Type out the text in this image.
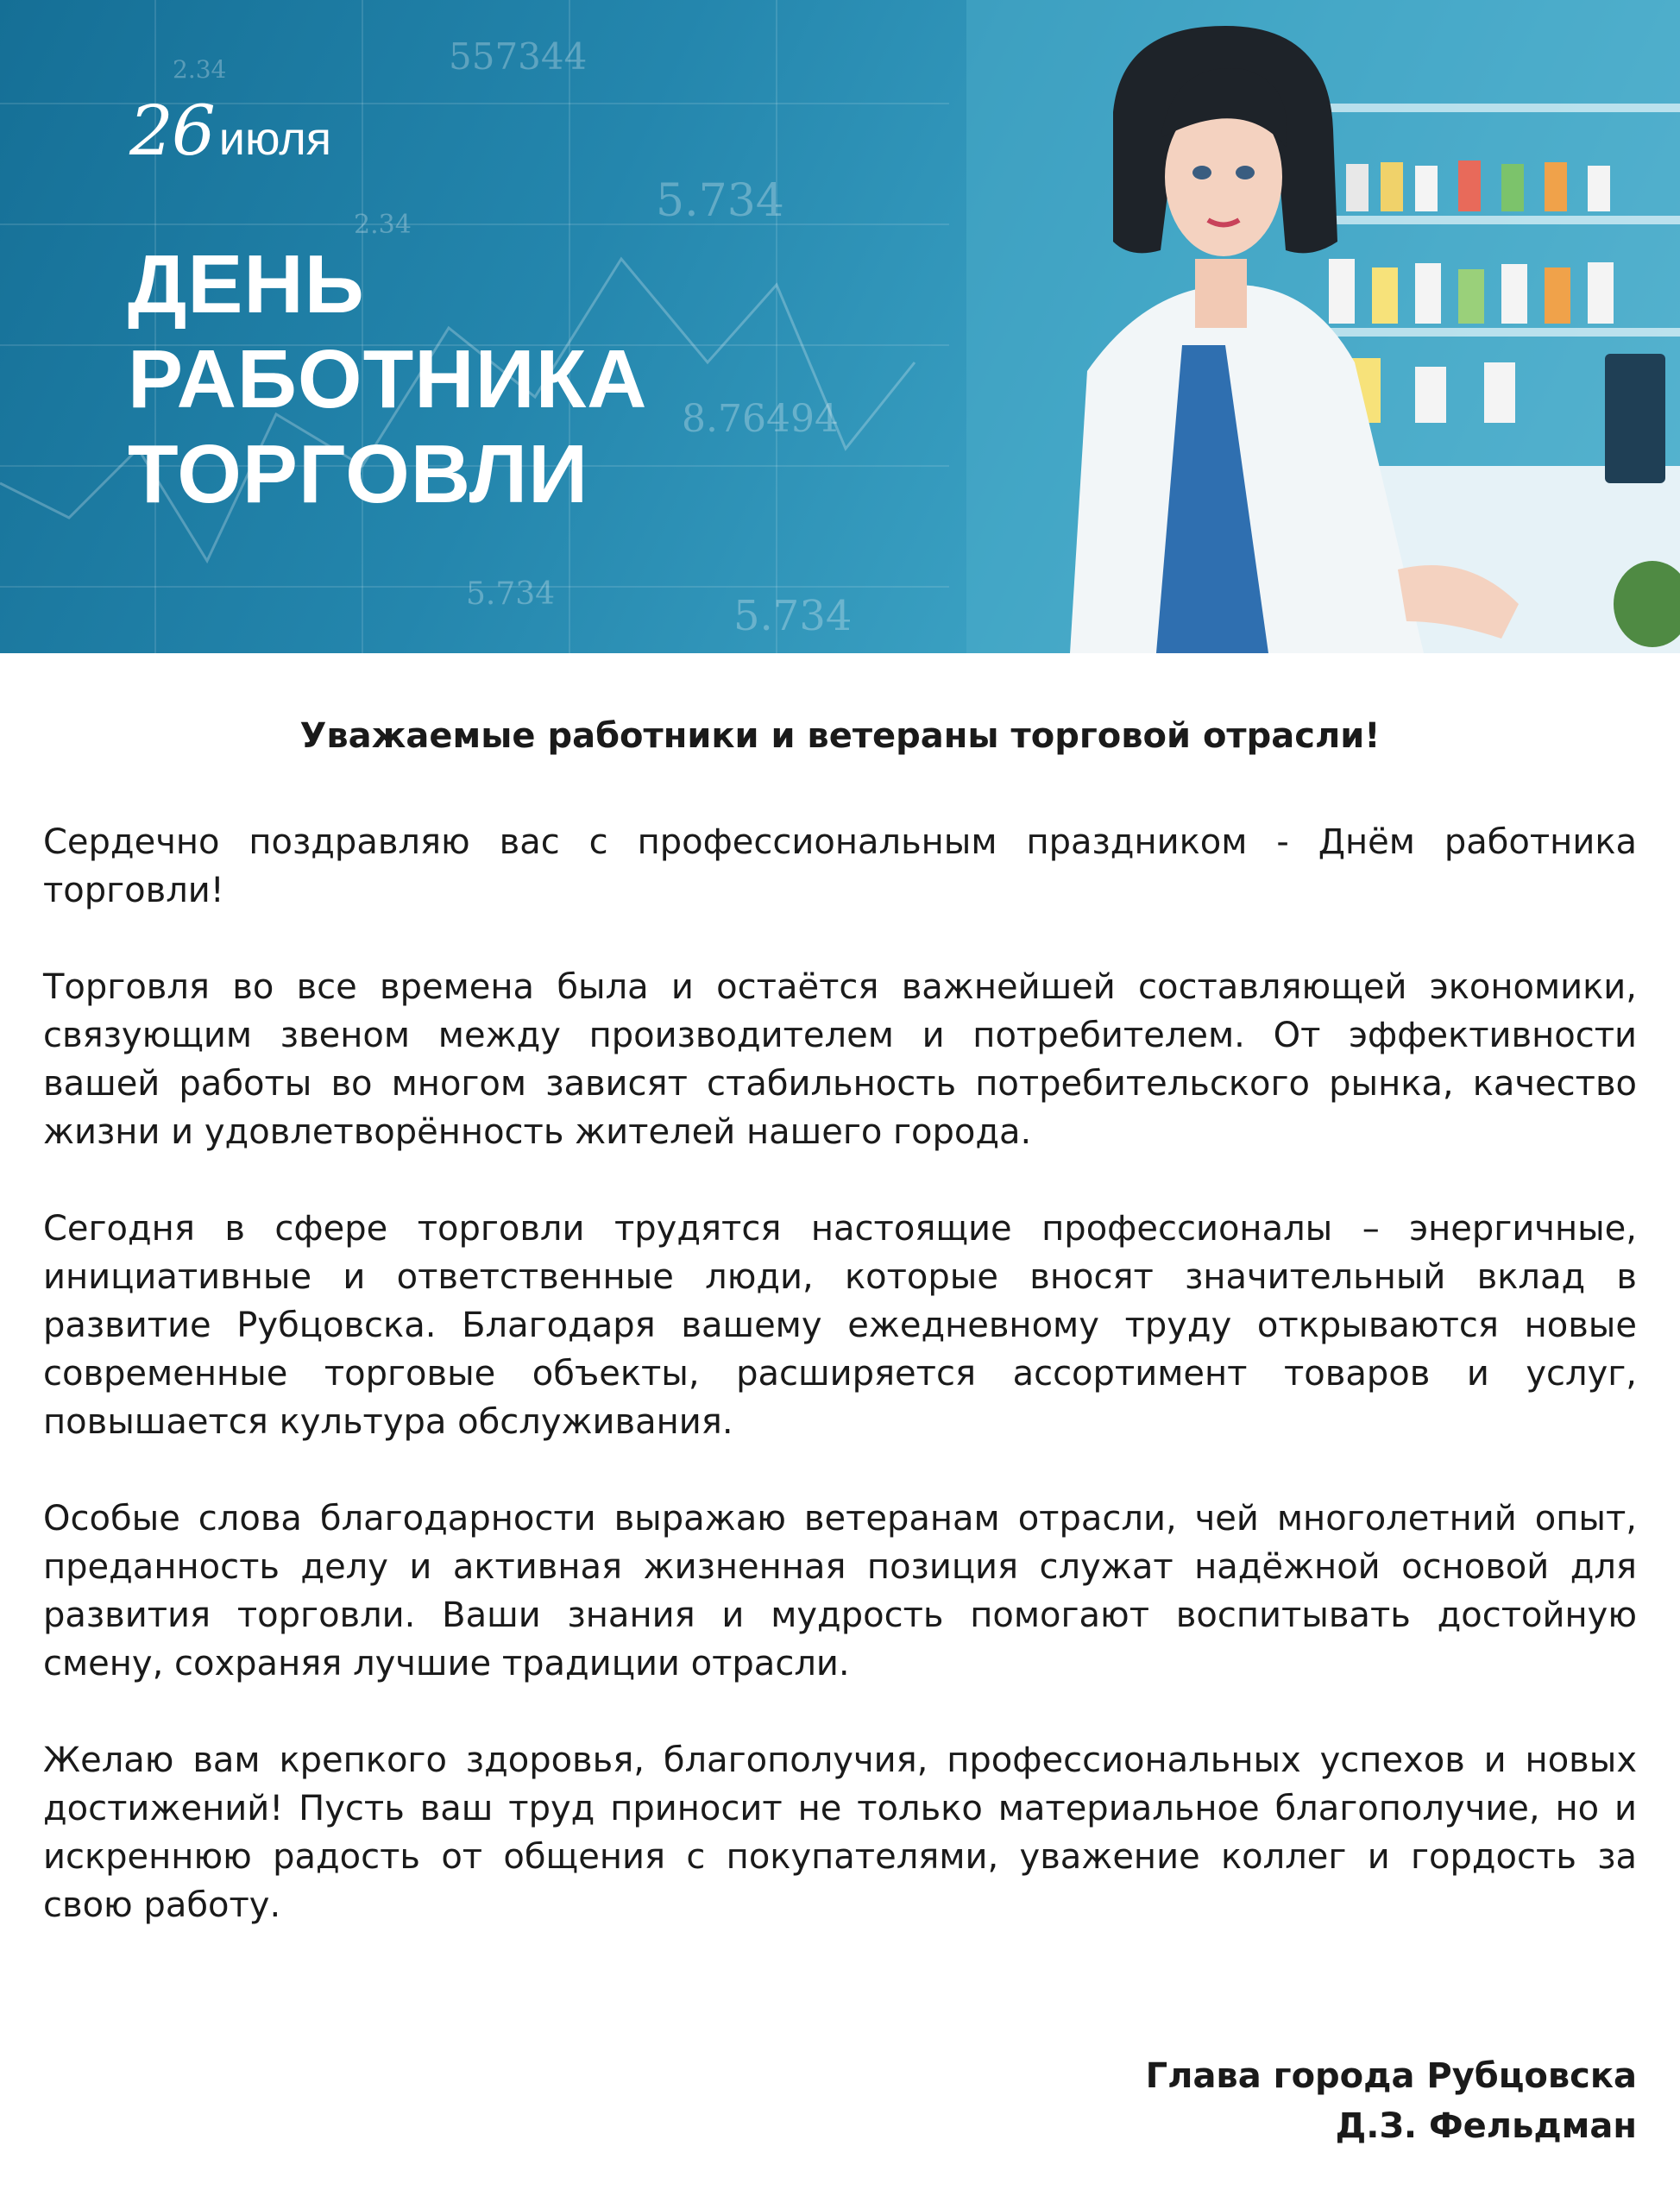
557344
5.734
8.76494
5.734
5.734
2.34
2.34
26 июля
ДЕНЬ
РАБОТНИКА
ТОРГОВЛИ

Уважаемые работники и ветераны торговой отрасли!

Сердечно поздравляю вас с профессиональным праздником - Днём работника торговли!

Торговля во все времена была и остаётся важнейшей составляющей экономики, связующим звеном между производителем и потребителем. От эффективности вашей работы во многом зависят стабильность потребительского рынка, качество жизни и удовлетворённость жителей нашего города.

Сегодня в сфере торговли трудятся настоящие профессионалы – энергичные, инициативные и ответственные люди, которые вносят значительный вклад в развитие Рубцовска. Благодаря вашему ежедневному труду открываются новые современные торговые объекты, расширяется ассортимент товаров и услуг, повышается культура обслуживания.

Особые слова благодарности выражаю ветеранам отрасли, чей многолетний опыт, преданность делу и активная жизненная позиция служат надёжной основой для развития торговли. Ваши знания и мудрость помогают воспитывать достойную смену, сохраняя лучшие традиции отрасли.

Желаю вам крепкого здоровья, благополучия, профессиональных успехов и новых достижений! Пусть ваш труд приносит не только материальное благополучие, но и искреннюю радость от общения с покупателями, уважение коллег и гордость за свою работу.

Глава города Рубцовска
Д.З. Фельдман
